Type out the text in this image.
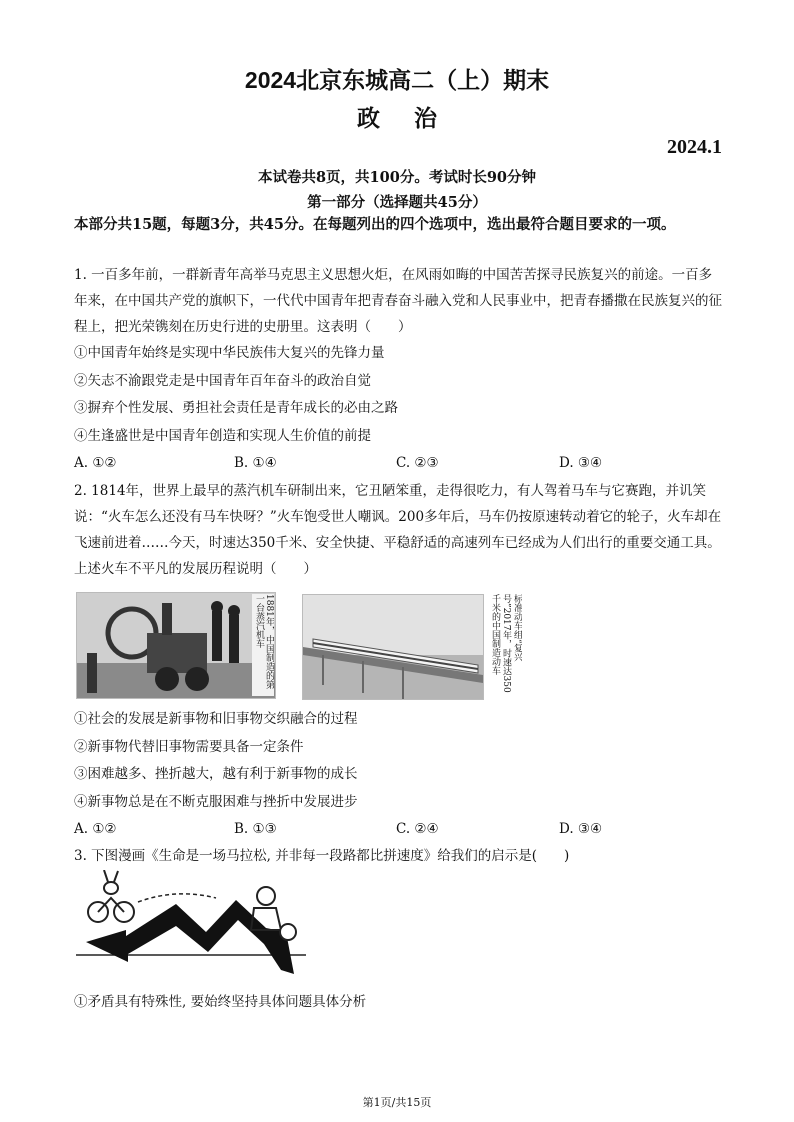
2024北京东城高二（上）期末
政治
2024.1
本试卷共8页，共100分。考试时长90分钟
第一部分（选择题共45分）
本部分共15题，每题3分，共45分。在每题列出的四个选项中，选出最符合题目要求的一项。
1. 一百多年前，一群新青年高举马克思主义思想火炬，在风雨如晦的中国苦苦探寻民族复兴的前途。一百多年来，在中国共产党的旗帜下，一代代中国青年把青春奋斗融入党和人民事业中，把青春播撒在民族复兴的征程上，把光荣镌刻在历史行进的史册里。这表明（　　）
①中国青年始终是实现中华民族伟大复兴的先锋力量
②矢志不渝跟党走是中国青年百年奋斗的政治自觉
③摒弃个性发展、勇担社会责任是青年成长的必由之路
④生逢盛世是中国青年创造和实现人生价值的前提
A. ①②	B. ①④	C. ②③	D. ③④
2. 1814年，世界上最早的蒸汽机车研制出来，它丑陋笨重，走得很吃力，有人驾着马车与它赛跑，并讥笑说：“火车怎么还没有马车快呀？”火车饱受世人嘲讽。200多年后，马车仍按原速转动着它的轮子，火车却在飞速前进着……今天，时速达350千米、安全快捷、平稳舒适的高速列车已经成为人们出行的重要交通工具。上述火车不平凡的发展历程说明（　　）
1881年，中国制造的第一台蒸汽机车	标准动车组“复兴号”2017年，时速达350千米的中国制造动车
①社会的发展是新事物和旧事物交织融合的过程
②新事物代替旧事物需要具备一定条件
③困难越多、挫折越大，越有利于新事物的成长
④新事物总是在不断克服困难与挫折中发展进步
A. ①②	B. ①③	C. ②④	D. ③④
3. 下图漫画《生命是一场马拉松, 并非每一段路都比拼速度》给我们的启示是(　　)
①矛盾具有特殊性, 要始终坚持具体问题具体分析
第1页/共15页
